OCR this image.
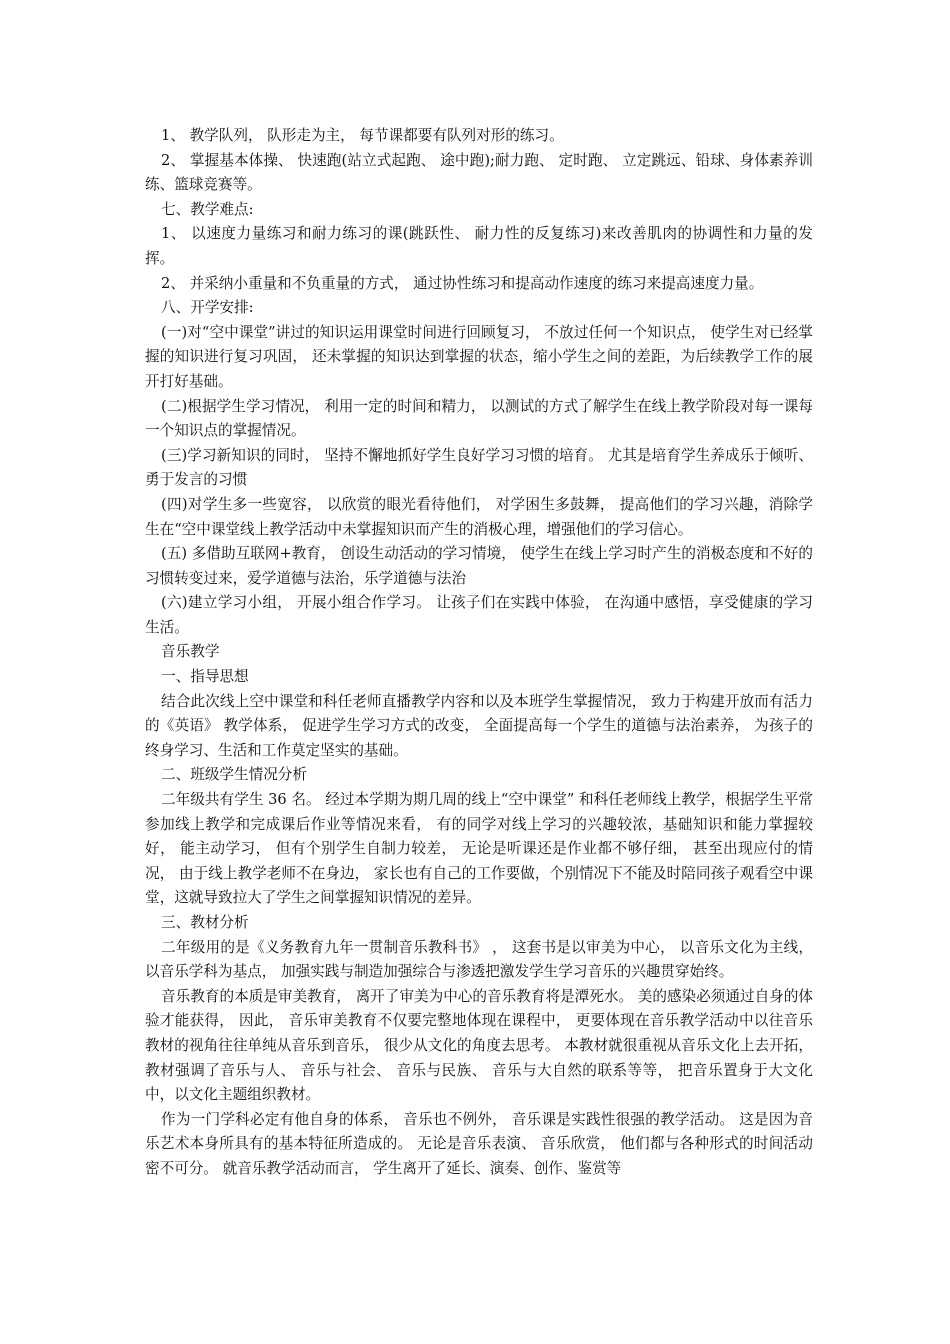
1、 教学队列， 队形走为主， 每节课都要有队列对形的练习。

2、 掌握基本体操、 快速跑(站立式起跑、 途中跑);耐力跑、 定时跑、 立定跳远、铅球、身体素养训练、篮球竞赛等。

七、教学难点:

1、 以速度力量练习和耐力练习的课(跳跃性、 耐力性的反复练习)来改善肌肉的协调性和力量的发挥。

2、 并采纳小重量和不负重量的方式， 通过协性练习和提高动作速度的练习来提高速度力量。

八、开学安排:

(一)对“空中课堂”讲过的知识运用课堂时间进行回顾复习， 不放过任何一个知识点， 使学生对已经掌握的知识进行复习巩固， 还未掌握的知识达到掌握的状态，缩小学生之间的差距，为后续教学工作的展开打好基础。

(二)根据学生学习情况， 利用一定的时间和精力， 以测试的方式了解学生在线上教学阶段对每一课每一个知识点的掌握情况。

(三)学习新知识的同时， 坚持不懈地抓好学生良好学习习惯的培育。 尤其是培育学生养成乐于倾听、勇于发言的习惯

(四)对学生多一些宽容， 以欣赏的眼光看待他们， 对学困生多鼓舞， 提高他们的学习兴趣，消除学生在“空中课堂线上教学活动中未掌握知识而产生的消极心理，增强他们的学习信心。

(五) 多借助互联网+教育， 创设生动活动的学习情境， 使学生在线上学习时产生的消极态度和不好的习惯转变过来，爱学道德与法治，乐学道德与法治

(六)建立学习小组， 开展小组合作学习。 让孩子们在实践中体验， 在沟通中感悟，享受健康的学习生活。

音乐教学

一、指导思想

结合此次线上空中课堂和科任老师直播教学内容和以及本班学生掌握情况， 致力于构建开放而有活力的《英语》 教学体系， 促进学生学习方式的改变， 全面提高每一个学生的道德与法治素养， 为孩子的终身学习、生活和工作莫定坚实的基础。

二、班级学生情况分析

二年级共有学生 36 名。 经过本学期为期几周的线上“空中课堂” 和科任老师线上教学，根据学生平常参加线上教学和完成课后作业等情况来看， 有的同学对线上学习的兴趣较浓，基础知识和能力掌握较好， 能主动学习， 但有个别学生自制力较差， 无论是听课还是作业都不够仔细， 甚至出现应付的情况， 由于线上教学老师不在身边， 家长也有自己的工作要做，个别情况下不能及时陪同孩子观看空中课堂，这就导致拉大了学生之间掌握知识情况的差异。

三、教材分析

二年级用的是《义务教育九年一贯制音乐教科书》 ， 这套书是以审美为中心， 以音乐文化为主线， 以音乐学科为基点， 加强实践与制造加强综合与渗透把激发学生学习音乐的兴趣贯穿始终。

音乐教育的本质是审美教育， 离开了审美为中心的音乐教育将是潭死水。 美的感染必须通过自身的体验才能获得， 因此， 音乐审美教育不仅要完整地体现在课程中， 更要体现在音乐教学活动中以往音乐教材的视角往往单纯从音乐到音乐， 很少从文化的角度去思考。 本教材就很重视从音乐文化上去开拓， 教材强调了音乐与人、 音乐与社会、 音乐与民族、 音乐与大自然的联系等等， 把音乐置身于大文化中，以文化主题组织教材。

作为一门学科必定有他自身的体系， 音乐也不例外， 音乐课是实践性很强的教学活动。 这是因为音乐艺术本身所具有的基本特征所造成的。 无论是音乐表演、 音乐欣赏， 他们都与各种形式的时间活动密不可分。 就音乐教学活动而言， 学生离开了延长、演奏、创作、鉴赏等
